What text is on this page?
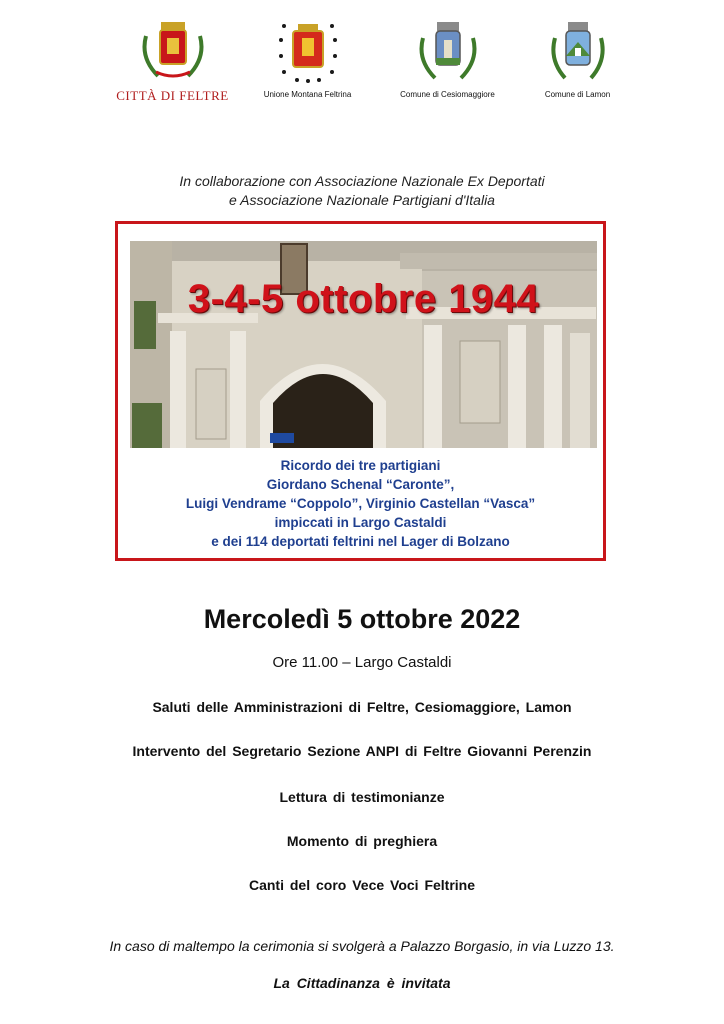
CITTÀ DI FELTRE	Unione Montana Feltrina	Comune di Cesiomaggiore	Comune di Lamon
In collaborazione con Associazione Nazionale Ex Deportati
e Associazione Nazionale Partigiani d'Italia
3-4-5 ottobre 1944
Ricordo dei tre partigiani
Giordano Schenal “Caronte”,
Luigi Vendrame “Coppolo”, Virginio Castellan “Vasca”
impiccati in Largo Castaldi
e dei 114 deportati feltrini nel Lager di Bolzano
Mercoledì 5 ottobre 2022
Ore 11.00 – Largo Castaldi
Saluti delle Amministrazioni di Feltre, Cesiomaggiore, Lamon
Intervento del Segretario Sezione ANPI di Feltre Giovanni Perenzin
Lettura di testimonianze
Momento di preghiera
Canti del coro Vece Voci Feltrine
In caso di maltempo la cerimonia si svolgerà a Palazzo Borgasio, in via Luzzo 13.
La Cittadinanza è invitata
